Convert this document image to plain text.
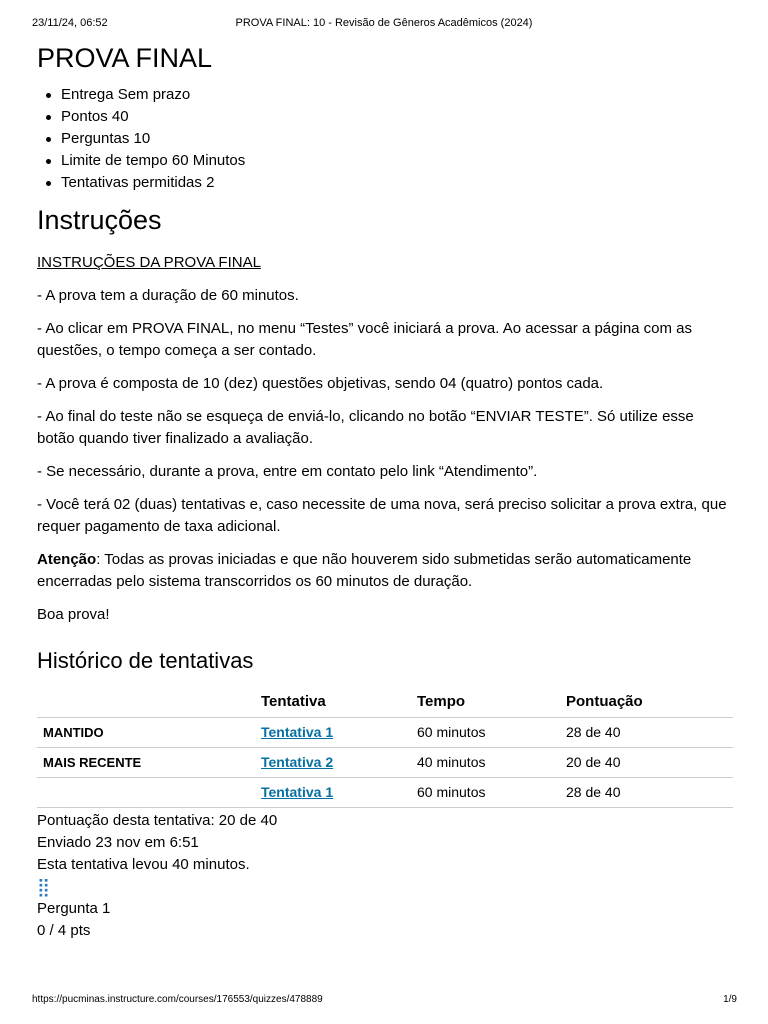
PROVA FINAL: 10 - Revisão de Gêneros Acadêmicos (2024)
23/11/24, 06:52
PROVA FINAL
Entrega Sem prazo
Pontos 40
Perguntas 10
Limite de tempo 60 Minutos
Tentativas permitidas 2
Instruções

INSTRUÇÕES DA PROVA FINAL

- A prova tem a duração de 60 minutos.

- Ao clicar em PROVA FINAL, no menu “Testes” você iniciará a prova. Ao acessar a página com as questões, o tempo começa a ser contado.

- A prova é composta de 10 (dez) questões objetivas, sendo 04 (quatro) pontos cada.

- Ao final do teste não se esqueça de enviá-lo, clicando no botão “ENVIAR TESTE”. Só utilize esse botão quando tiver finalizado a avaliação.

- Se necessário, durante a prova, entre em contato pelo link “Atendimento”.

- Você terá 02 (duas) tentativas e, caso necessite de uma nova, será preciso solicitar a prova extra, que requer pagamento de taxa adicional.

Atenção: Todas as provas iniciadas e que não houverem sido submetidas serão automaticamente encerradas pelo sistema transcorridos os 60 minutos de duração.

Boa prova!

Histórico de tentativas
	Tentativa	Tempo	Pontuação
MANTIDO	Tentativa 1	60 minutos	28 de 40
MAIS RECENTE	Tentativa 2	40 minutos	20 de 40
	Tentativa 1	60 minutos	28 de 40
Pontuação desta tentativa: 20 de 40
Enviado 23 nov em 6:51
Esta tentativa levou 40 minutos.
⣿
Pergunta 1
0 / 4 pts
https://pucminas.instructure.com/courses/176553/quizzes/478889	1/9
